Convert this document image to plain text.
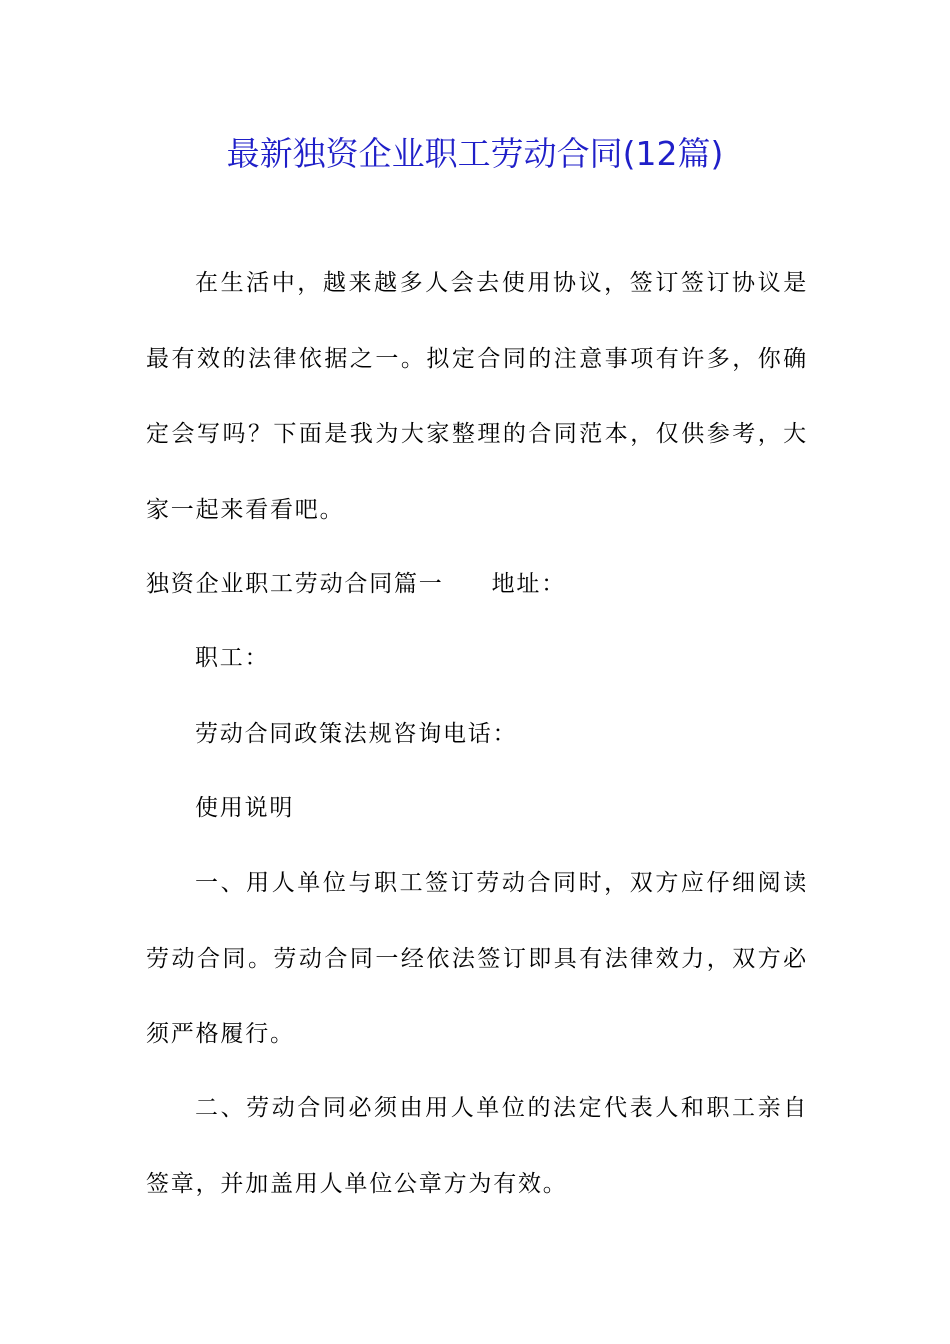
最新独资企业职工劳动合同(12篇)

在生活中，越来越多人会去使用协议，签订签订协议是最有效的法律依据之一。拟定合同的注意事项有许多，你确定会写吗？下面是我为大家整理的合同范本，仅供参考，大家一起来看看吧。

独资企业职工劳动合同篇一 地址：
职工：
劳动合同政策法规咨询电话：
使用说明

一、用人单位与职工签订劳动合同时，双方应仔细阅读劳动合同。劳动合同一经依法签订即具有法律效力，双方必须严格履行。

二、劳动合同必须由用人单位的法定代表人和职工亲自签章，并加盖用人单位公章方为有效。
